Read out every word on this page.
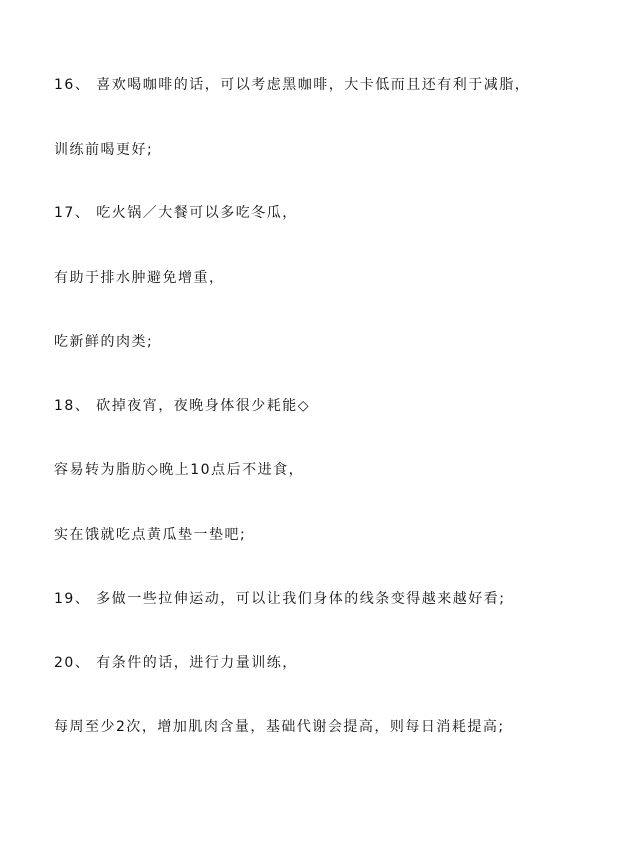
16、 喜欢喝咖啡的话，可以考虑黑咖啡，大卡低而且还有利于减脂，
训练前喝更好;
17、 吃火锅／大餐可以多吃冬瓜，
有助于排水肿避免增重，
吃新鲜的肉类;
18、 砍掉夜宵，夜晚身体很少耗能◇
容易转为脂肪◇晚上10点后不进食，
实在饿就吃点黄瓜垫一垫吧;
19、 多做一些拉伸运动，可以让我们身体的线条变得越来越好看;
20、 有条件的话，进行力量训练，
每周至少2次，增加肌肉含量，基础代谢会提高，则每日消耗提高;
